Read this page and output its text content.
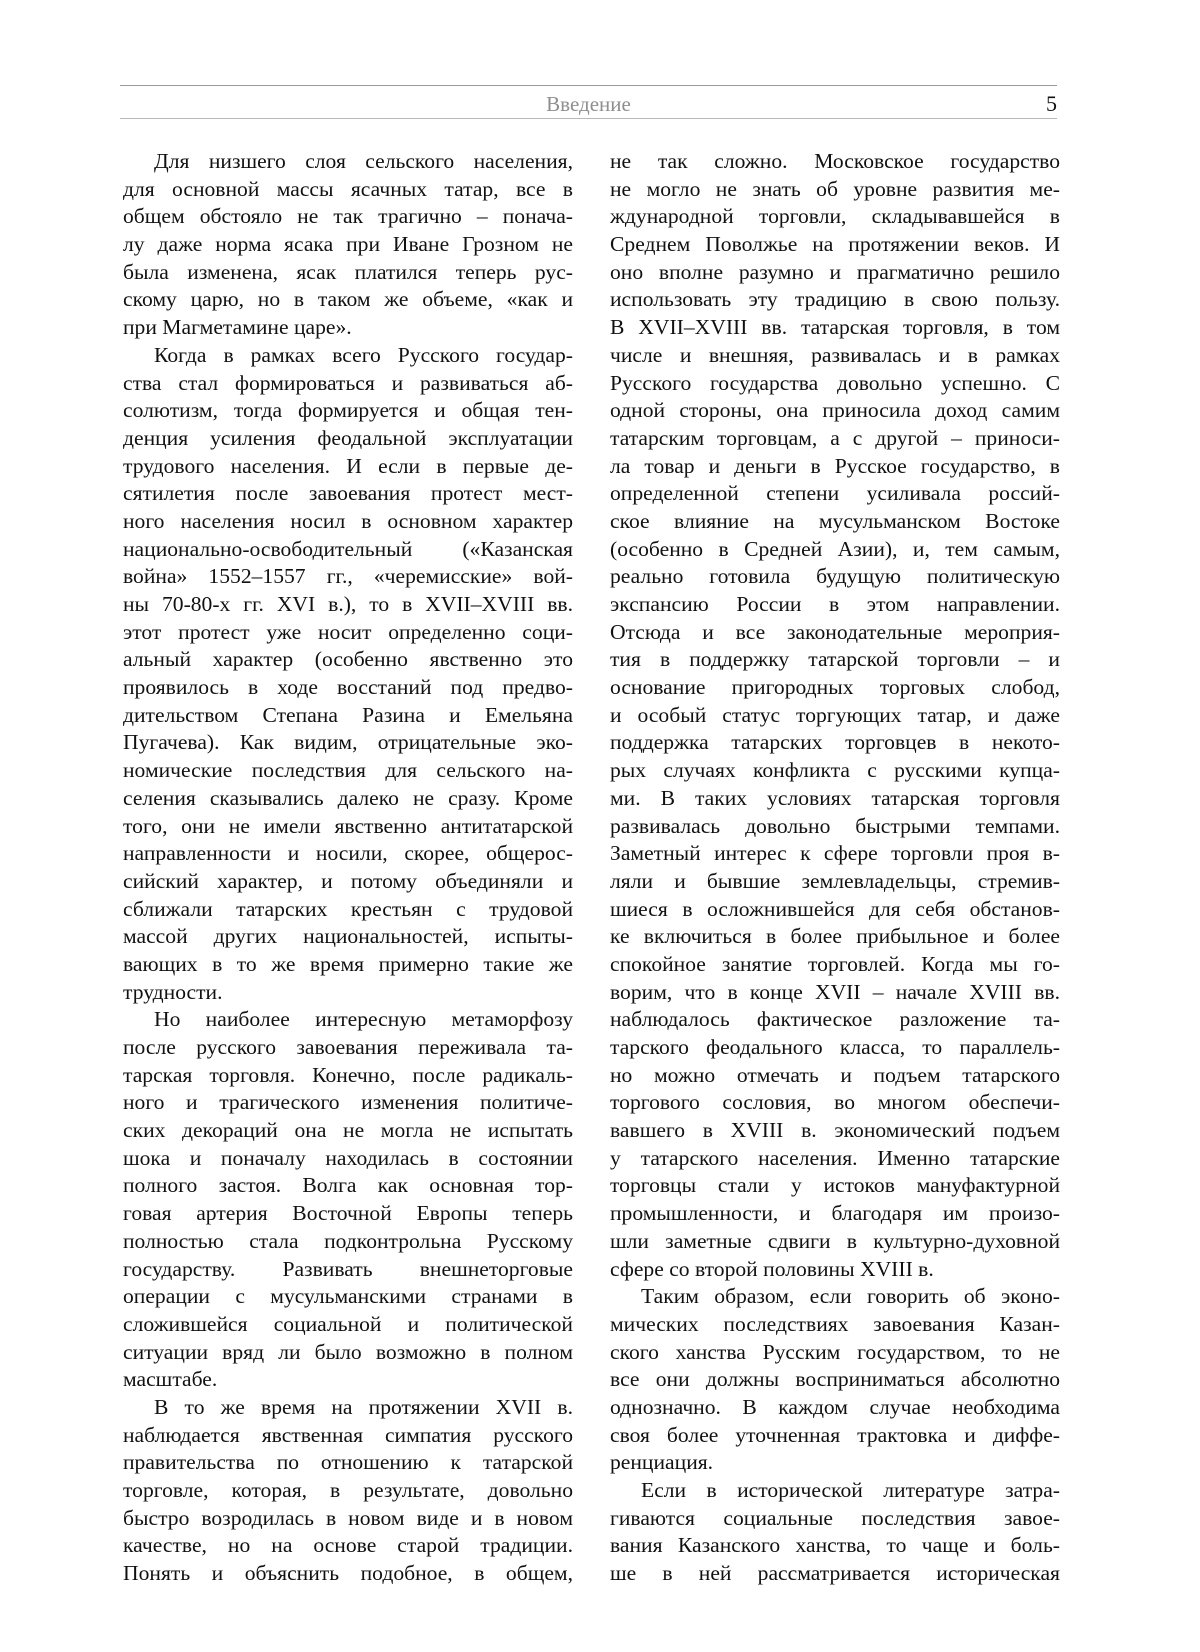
Введение	5
Для низшего слоя сельского населения,
для основной массы ясачных татар, все в
общем обстояло не так трагично – поначa-
лу даже норма ясака при Иване Грозном не
была изменена, ясак платился теперь рус-
скому царю, но в таком же объеме, «как и
при Магметамине царе».
Когда в рамках всего Русского государ-
ства стал формироваться и развиваться аб-
солютизм, тогда формируется и общая тен-
денция усиления феодальной эксплуатации
трудового населения. И если в первые де-
сятилетия после завоевания протест мест-
ного населения носил в основном характер
национально-освободительный («Казанская
война» 1552–1557 гг., «черемисские» вой-
ны 70-80-х гг. XVI в.), то в XVII–XVIII вв.
этот протест уже носит определенно соци-
альный характер (особенно явственно это
проявилось в ходе восстаний под предво-
дительством Степана Разина и Емельяна
Пугачева). Как видим, отрицательные эко-
номические последствия для сельского на-
селения сказывались далеко не сразу. Кроме
того, они не имели явственно антитатарской
направленности и носили, скорее, общерос-
сийский характер, и потому объединяли и
сближали татарских крестьян с трудовой
массой других национальностей, испыты-
вающих в то же время примерно такие же
трудности.
Но наиболее интересную метаморфозу
после русского завоевания переживала та-
тарская торговля. Конечно, после радикаль-
ного и трагического изменения политиче-
ских декораций она не могла не испытать
шока и поначалу находилась в состоянии
полного застоя. Волга как основная тор-
говая артерия Восточной Европы теперь
полностью стала подконтрольна Русскому
государству. Развивать внешнеторговые
операции с мусульманскими странами в
сложившейся социальной и политической
ситуации вряд ли было возможно в полном
масштабе.
В то же время на протяжении XVII в.
наблюдается явственная симпатия русского
правительства по отношению к татарской
торговле, которая, в результате, довольно
быстро возродилась в новом виде и в новом
качестве, но на основе старой традиции.
Понять и объяснить подобное, в общем,
не так сложно. Московское государство
не могло не знать об уровне развития ме-
ждународной торговли, складывавшейся в
Среднем Поволжье на протяжении веков. И
оно вполне разумно и прагматично решило
использовать эту традицию в свою пользу.
В XVII–XVIII вв. татарская торговля, в том
числе и внешняя, развивалась и в рамках
Русского государства довольно успешно. С
одной стороны, она приносила доход самим
татарским торговцам, а с другой – приноси-
ла товар и деньги в Русское государство, в
определенной степени усиливала россий-
ское влияние на мусульманском Востоке
(особенно в Средней Азии), и, тем самым,
реально готовила будущую политическую
экспансию России в этом направлении.
Отсюда и все законодательные мероприя-
тия в поддержку татарской торговли – и
основание пригородных торговых слобод,
и особый статус торгующих татар, и даже
поддержка татарских торговцев в некото-
рых случаях конфликта с русскими купца-
ми. В таких условиях татарская торговля
развивалась довольно быстрыми темпами.
Заметный интерес к сфере торговли проя в-
ляли и бывшие землевладельцы, стремив-
шиеся в осложнившейся для себя обстанов-
ке включиться в более прибыльное и более
спокойное занятие торговлей. Когда мы го-
ворим, что в конце XVII – начале XVIII вв.
наблюдалось фактическое разложение та-
тарского феодального класса, то параллель-
но можно отмечать и подъем татарского
торгового сословия, во многом обеспечи-
вавшего в XVIII в. экономический подъем
у татарского населения. Именно татарские
торговцы стали у истоков мануфактурной
промышленности, и благодаря им произо-
шли заметные сдвиги в культурно-духовной
сфере со второй половины XVIII в.
Таким образом, если говорить об эконо-
мических последствиях завоевания Казан-
ского ханства Русским государством, то не
все они должны восприниматься абсолютно
однозначно. В каждом случае необходима
своя более уточненная трактовка и диффе-
ренциация.
Если в исторической литературе затра-
гиваются социальные последствия завое-
вания Казанского ханства, то чаще и боль-
ше в ней рассматривается историческая
